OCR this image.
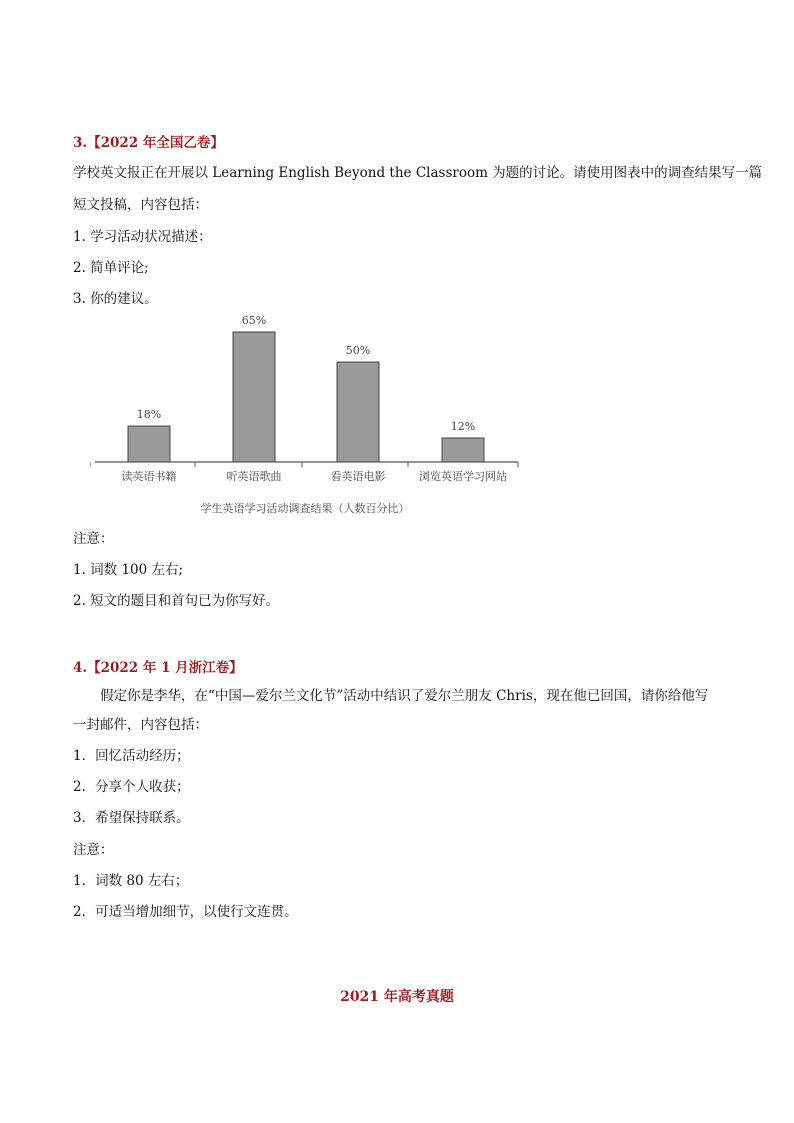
3.【2022 年全国乙卷】
学校英文报正在开展以 Learning English Beyond the Classroom 为题的讨论。请使用图表中的调查结果写一篇
短文投稿，内容包括：
1. 学习活动状况描述：
2. 简单评论;
3. 你的建议。
18%
65%
50%
12%
读英语书籍	听英语歌曲	看英语电影	浏览英语学习网站
学生英语学习活动调查结果（人数百分比）
注意：
1. 词数 100 左右;
2. 短文的题目和首句已为你写好。
4.【2022 年 1 月浙江卷】
假定你是李华，在“中国—爱尔兰文化节”活动中结识了爱尔兰朋友 Chris，现在他已回国，请你给他写
一封邮件，内容包括：
1．回忆活动经历；
2．分享个人收获；
3．希望保持联系。
注意：
1．词数 80 左右；
2．可适当增加细节，以使行文连贯。
2021 年高考真题
